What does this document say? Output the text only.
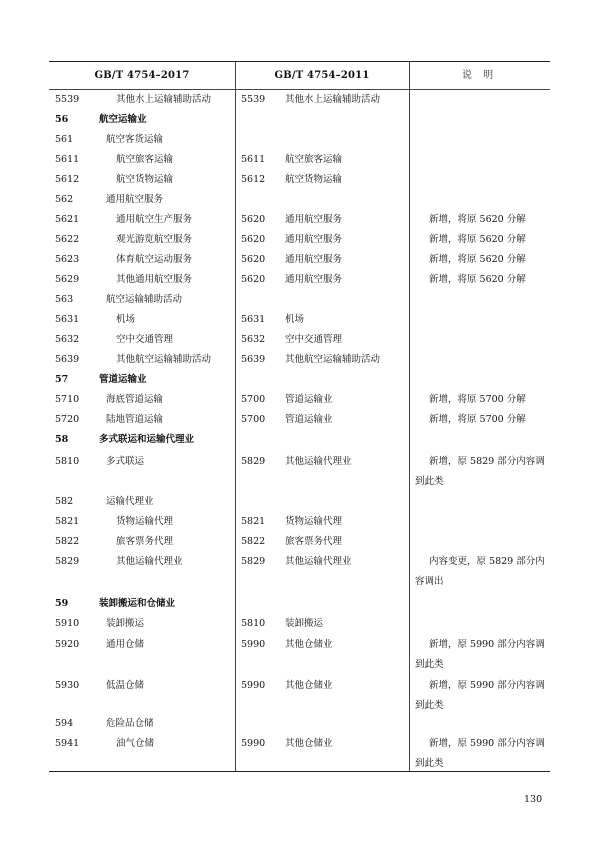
GB/T 4754–2017	GB/T 4754–2011	说 明
5539	其他水上运输辅助活动	5539 其他水上运输辅助活动
56	航空运输业
561	航空客货运输
5611	航空旅客运输	5611 航空旅客运输
5612	航空货物运输	5612 航空货物运输
562	通用航空服务
5621	通用航空生产服务	5620 通用航空服务	新增，将原 5620 分解
5622	观光游览航空服务	5620 通用航空服务	新增，将原 5620 分解
5623	体育航空运动服务	5620 通用航空服务	新增，将原 5620 分解
5629	其他通用航空服务	5620 通用航空服务	新增，将原 5620 分解
563	航空运输辅助活动
5631	机场	5631 机场
5632	空中交通管理	5632 空中交通管理
5639	其他航空运输辅助活动	5639 其他航空运输辅助活动
57	管道运输业
5710	海底管道运输	5700 管道运输业	新增，将原 5700 分解
5720	陆地管道运输	5700 管道运输业	新增，将原 5700 分解
58	多式联运和运输代理业
5810	多式联运	5829 其他运输代理业	新增，原 5829 部分内容调到此类
582	运输代理业
5821	货物运输代理	5821 货物运输代理
5822	旅客票务代理	5822 旅客票务代理
5829	其他运输代理业	5829 其他运输代理业	内容变更，原 5829 部分内容调出
59	装卸搬运和仓储业
5910	装卸搬运	5810 装卸搬运
5920	通用仓储	5990 其他仓储业	新增，原 5990 部分内容调到此类
5930	低温仓储	5990 其他仓储业	新增，原 5990 部分内容调到此类
594	危险品仓储
5941	油气仓储	5990 其他仓储业	新增，原 5990 部分内容调到此类
130
